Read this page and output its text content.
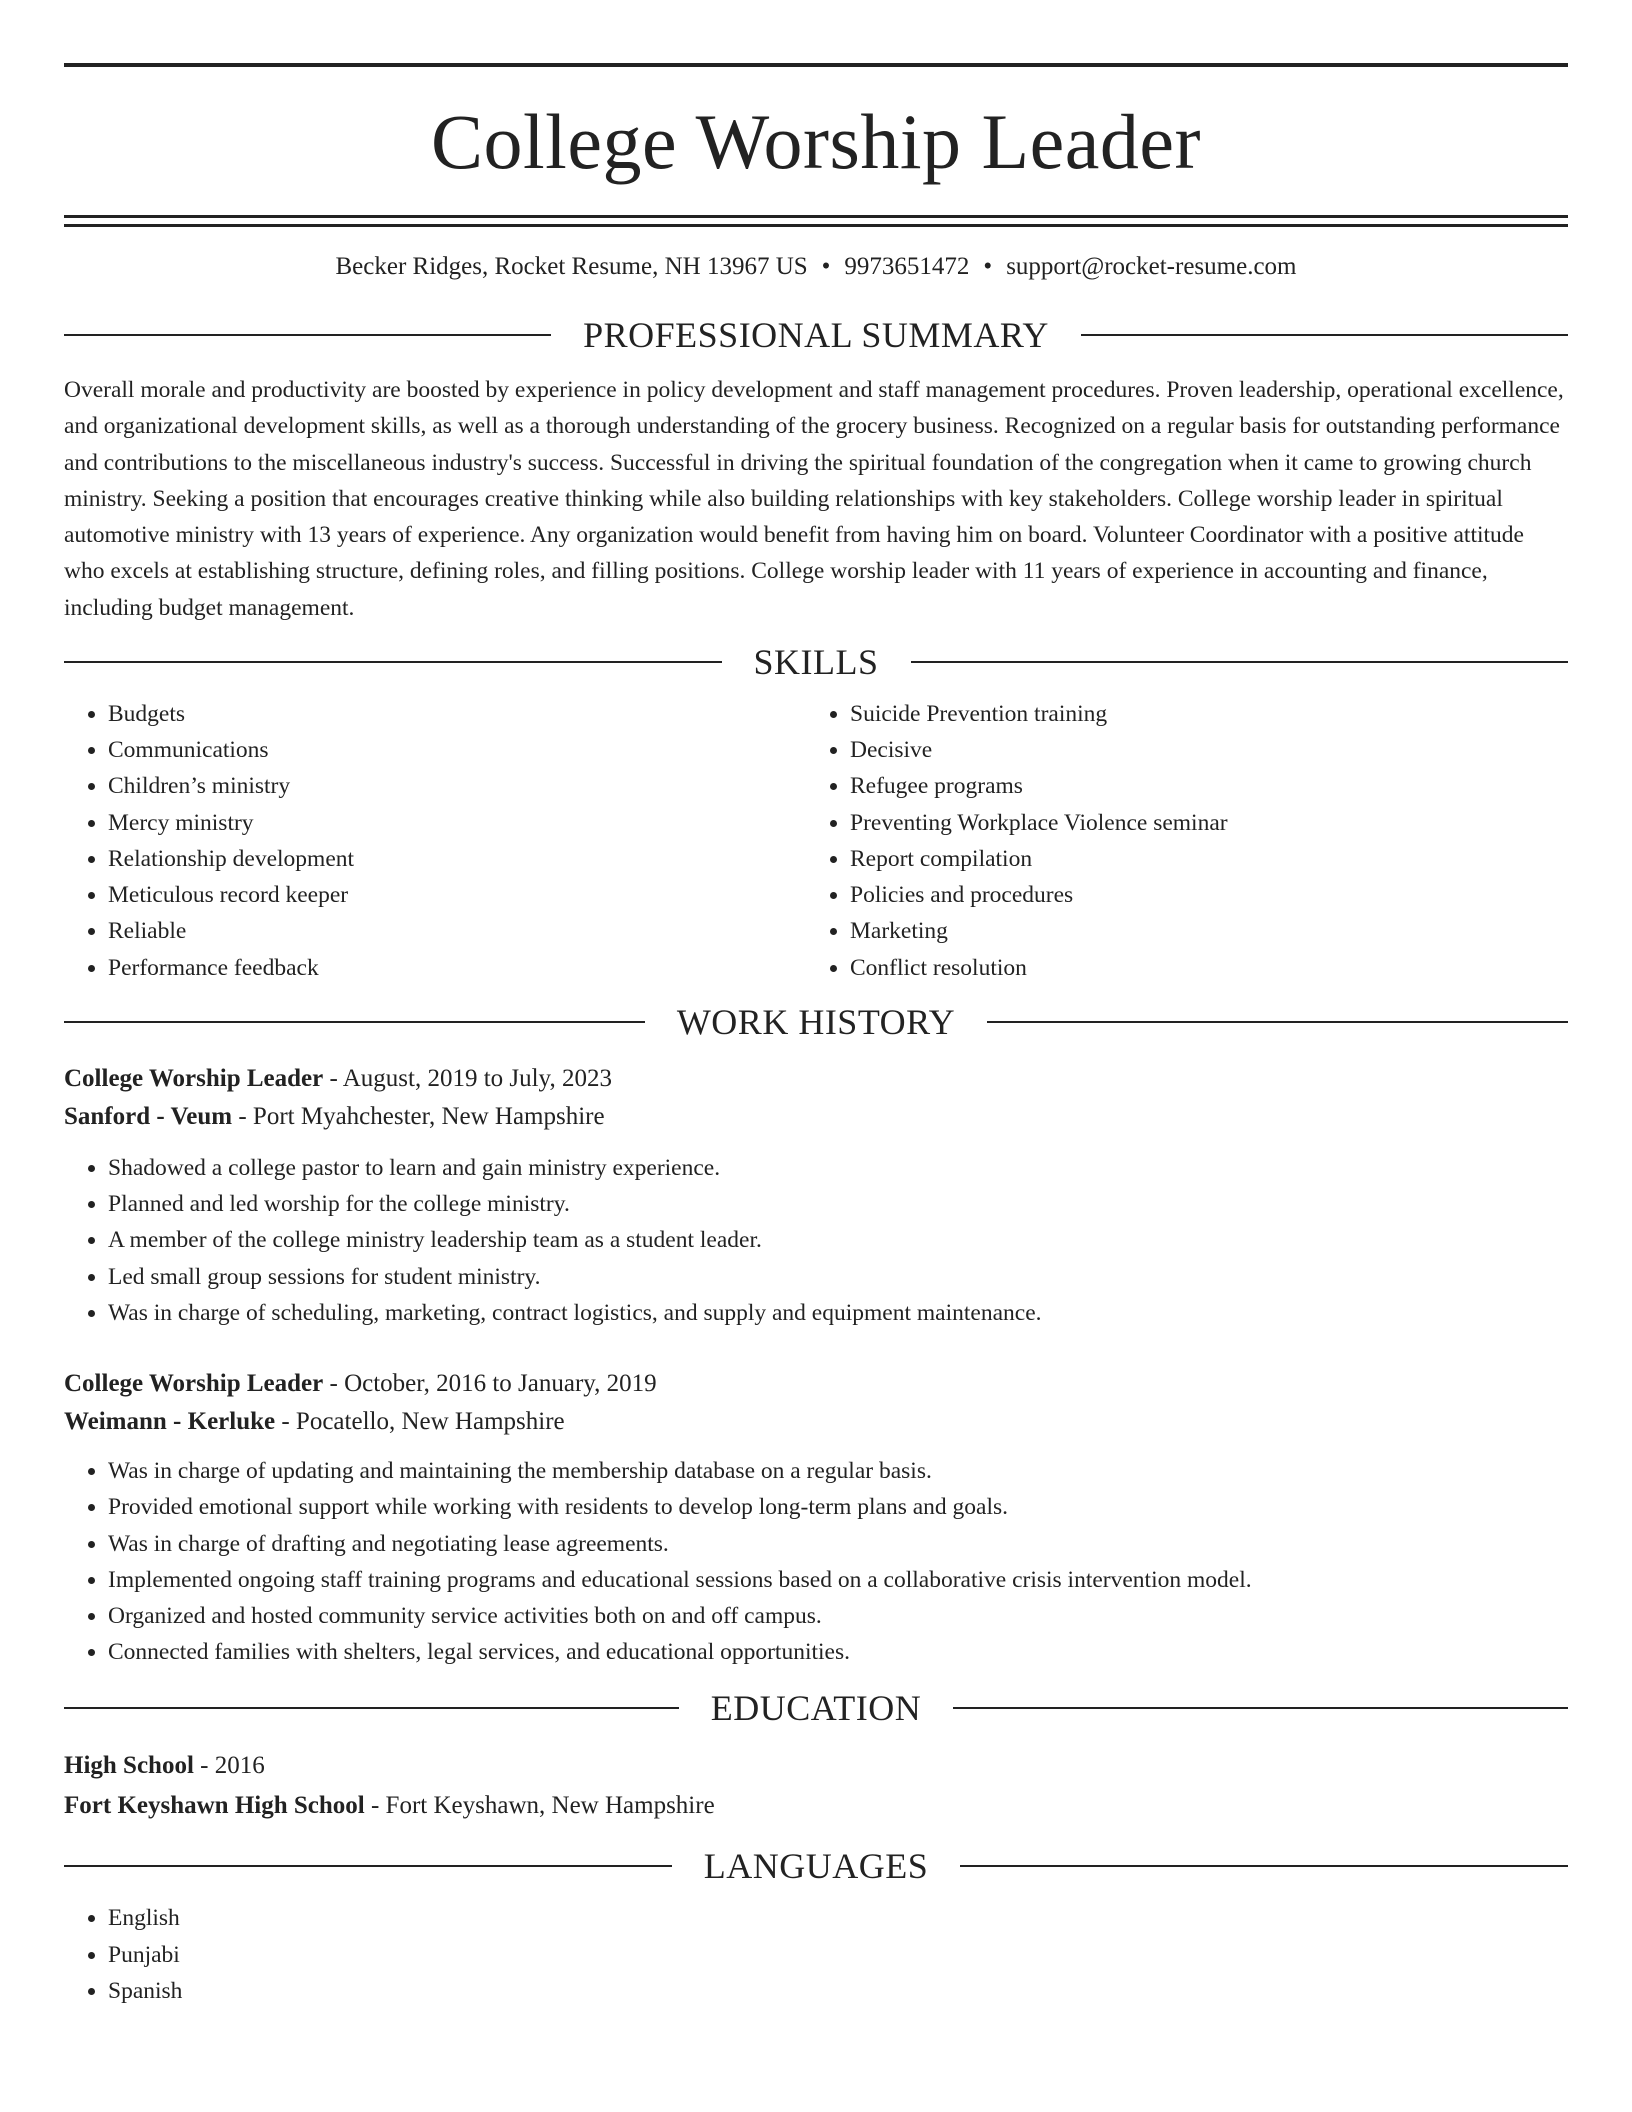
College Worship Leader
Becker Ridges, Rocket Resume, NH 13967 US • 9973651472 • support@rocket-resume.com
PROFESSIONAL SUMMARY

Overall morale and productivity are boosted by experience in policy development and staff management procedures. Proven leadership, operational excellence, and organizational development skills, as well as a thorough understanding of the grocery business. Recognized on a regular basis for outstanding performance and contributions to the miscellaneous industry's success. Successful in driving the spiritual foundation of the congregation when it came to growing church ministry. Seeking a position that encourages creative thinking while also building relationships with key stakeholders. College worship leader in spiritual automotive ministry with 13 years of experience. Any organization would benefit from having him on board. Volunteer Coordinator with a positive attitude who excels at establishing structure, defining roles, and filling positions. College worship leader with 11 years of experience in accounting and finance, including budget management.

SKILLS
• Budgets
• Communications
• Children’s ministry
• Mercy ministry
• Relationship development
• Meticulous record keeper
• Reliable
• Performance feedback
• Suicide Prevention training
• Decisive
• Refugee programs
• Preventing Workplace Violence seminar
• Report compilation
• Policies and procedures
• Marketing
• Conflict resolution
WORK HISTORY
College Worship Leader - August, 2019 to July, 2023
Sanford - Veum - Port Myahchester, New Hampshire
• Shadowed a college pastor to learn and gain ministry experience.
• Planned and led worship for the college ministry.
• A member of the college ministry leadership team as a student leader.
• Led small group sessions for student ministry.
• Was in charge of scheduling, marketing, contract logistics, and supply and equipment maintenance.
College Worship Leader - October, 2016 to January, 2019
Weimann - Kerluke - Pocatello, New Hampshire
• Was in charge of updating and maintaining the membership database on a regular basis.
• Provided emotional support while working with residents to develop long-term plans and goals.
• Was in charge of drafting and negotiating lease agreements.
• Implemented ongoing staff training programs and educational sessions based on a collaborative crisis intervention model.
• Organized and hosted community service activities both on and off campus.
• Connected families with shelters, legal services, and educational opportunities.
EDUCATION
High School - 2016
Fort Keyshawn High School - Fort Keyshawn, New Hampshire
LANGUAGES
• English
• Punjabi
• Spanish
